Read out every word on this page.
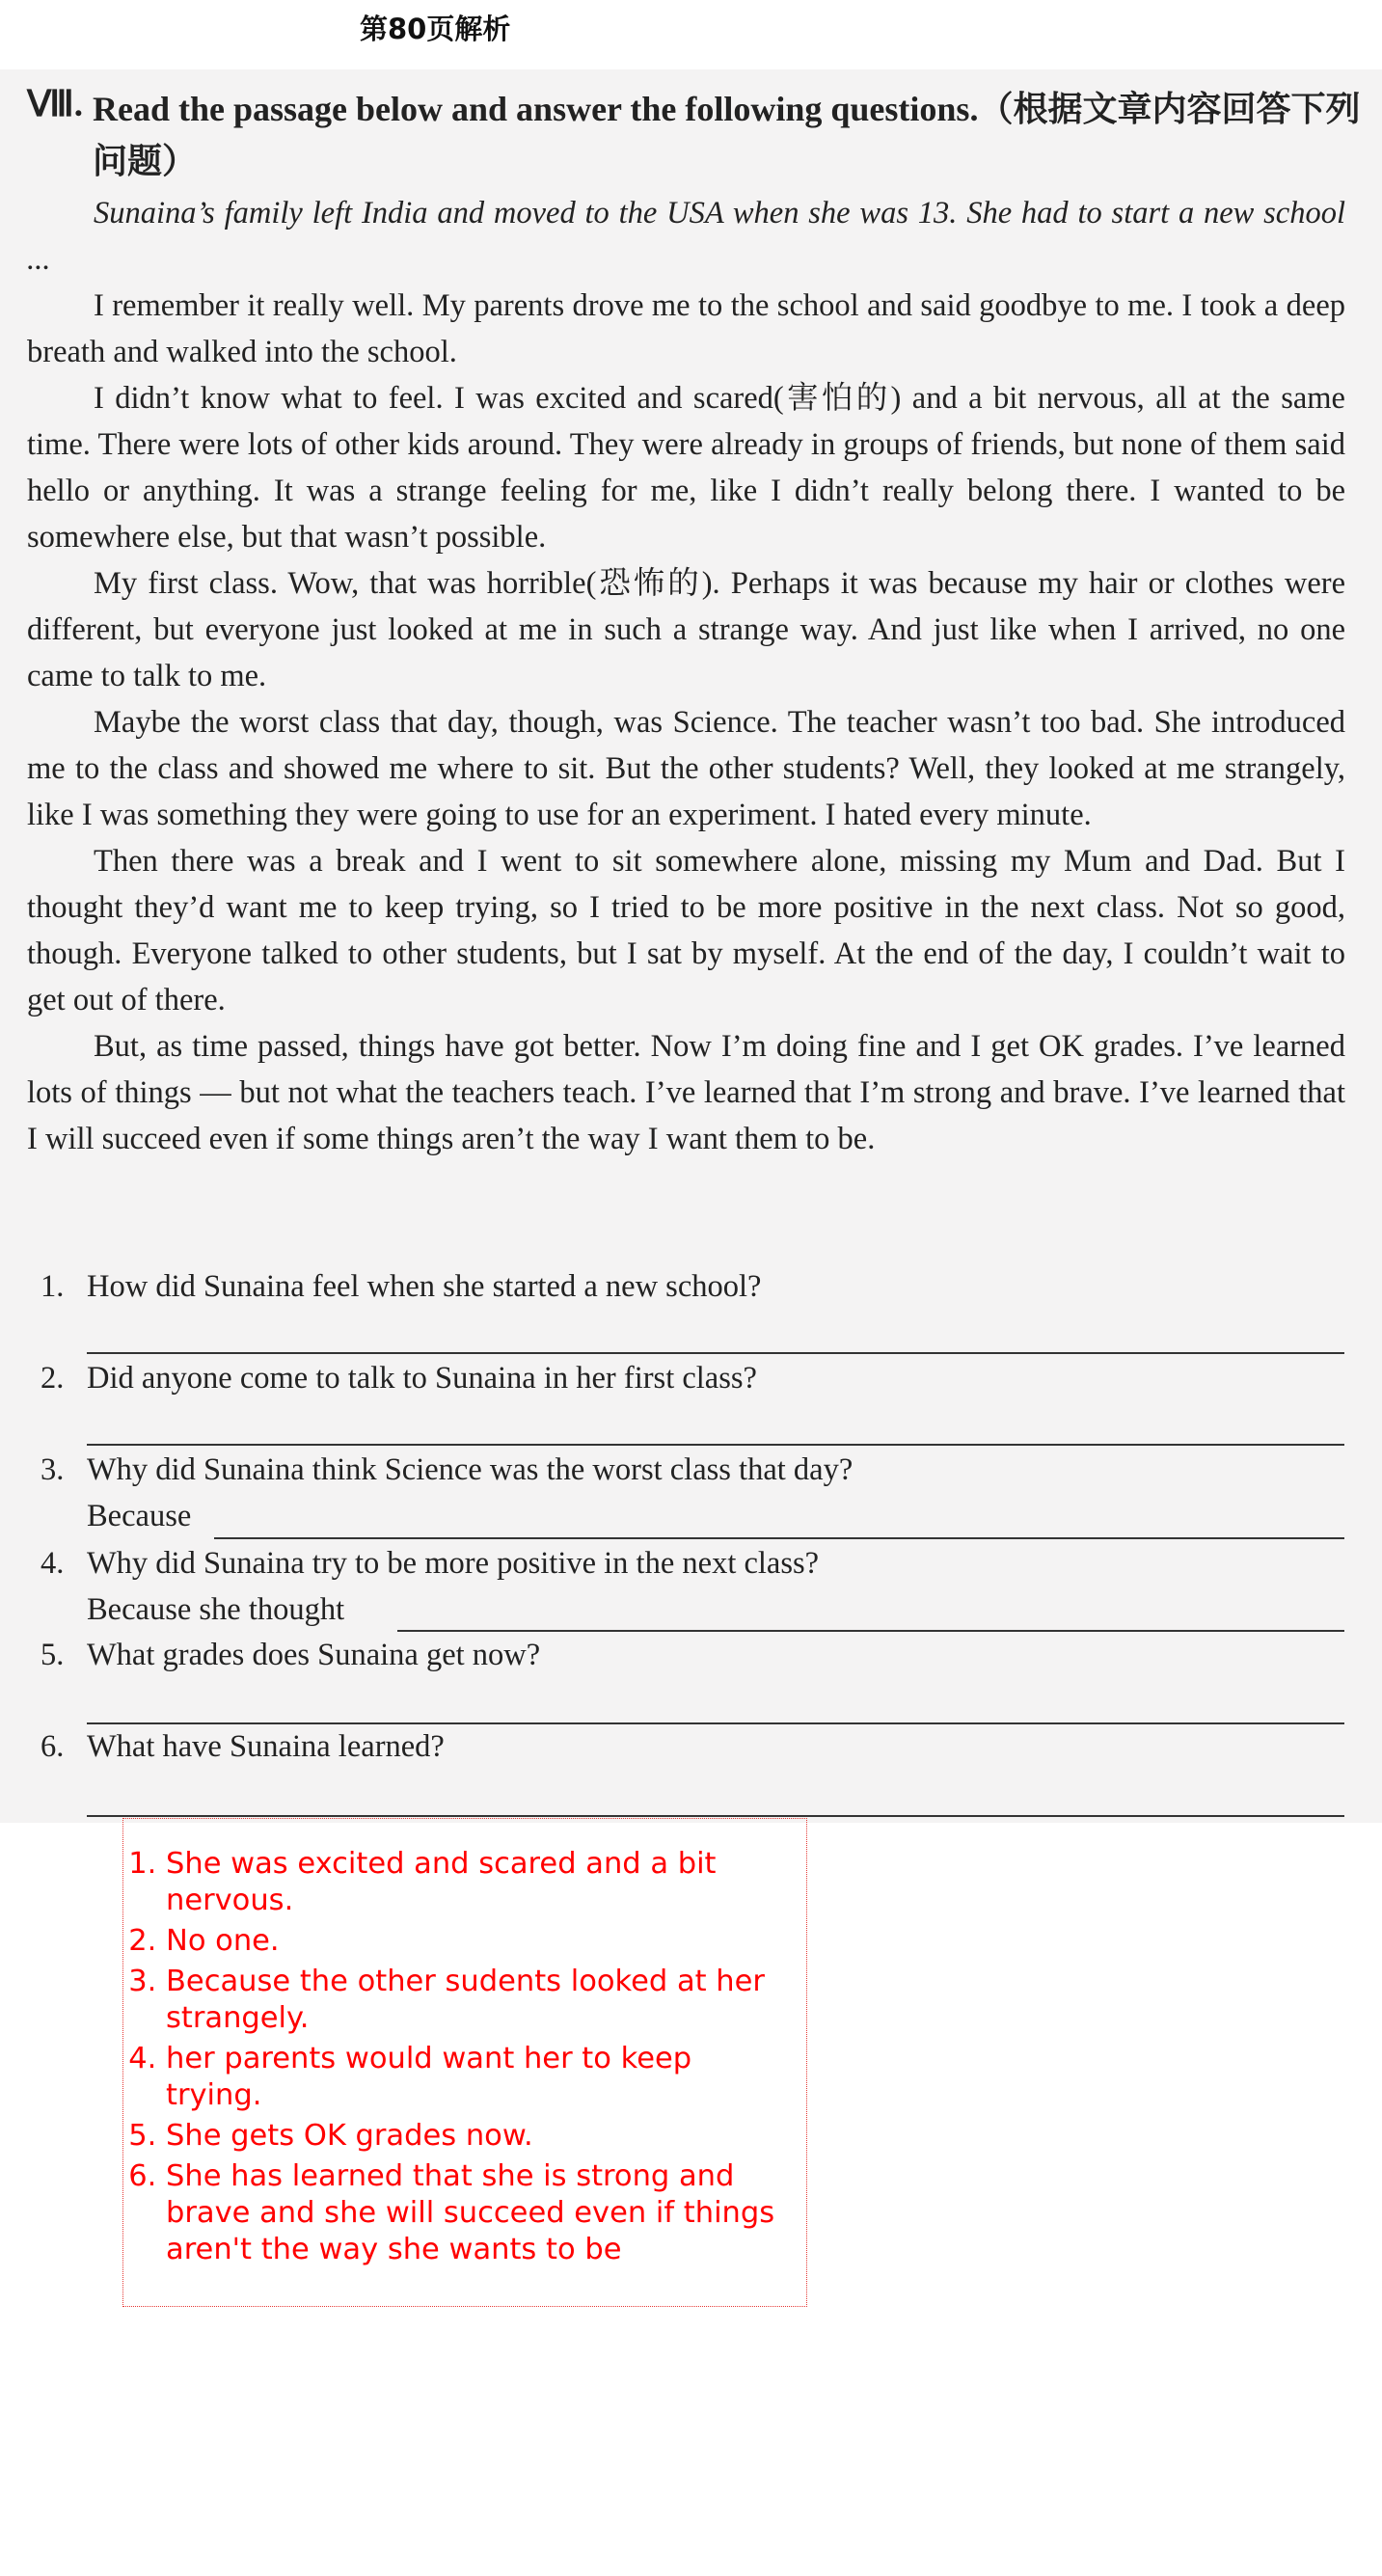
第80页解析
Ⅷ. Read the passage below and answer the following questions.（根据文章内容回答下列问题）

Sunaina’s family left India and moved to the USA when she was 13. She had to start a new school ...

I remember it really well. My parents drove me to the school and said goodbye to me. I took a deep breath and walked into the school.

I didn’t know what to feel. I was excited and scared(害怕的) and a bit nervous, all at the same time. There were lots of other kids around. They were already in groups of friends, but none of them said hello or anything. It was a strange feeling for me, like I didn’t really belong there. I wanted to be somewhere else, but that wasn’t possible.

My first class. Wow, that was horrible(恐怖的). Perhaps it was because my hair or clothes were different, but everyone just looked at me in such a strange way. And just like when I arrived, no one came to talk to me.

Maybe the worst class that day, though, was Science. The teacher wasn’t too bad. She introduced me to the class and showed me where to sit. But the other students? Well, they looked at me strangely, like I was something they were going to use for an experiment. I hated every minute.

Then there was a break and I went to sit somewhere alone, missing my Mum and Dad. But I thought they’d want me to keep trying, so I tried to be more positive in the next class. Not so good, though. Everyone talked to other students, but I sat by myself. At the end of the day, I couldn’t wait to get out of there.

But, as time passed, things have got better. Now I’m doing fine and I get OK grades. I’ve learned lots of things — but not what the teachers teach. I’ve learned that I’m strong and brave. I’ve learned that I will succeed even if some things aren’t the way I want them to be.

1. How did Sunaina feel when she started a new school?
2. Did anyone come to talk to Sunaina in her first class?
3. Why did Sunaina think Science was the worst class that day?
Because
4. Why did Sunaina try to be more positive in the next class?
Because she thought
5. What grades does Sunaina get now?
6. What have Sunaina learned?
1. She was excited and scared and a bit nervous.
2. No one.
3. Because the other sudents looked at her strangely.
4. her parents would want her to keep trying.
5. She gets OK grades now.
6. She has learned that she is strong and brave and she will succeed even if things aren't the way she wants to be
